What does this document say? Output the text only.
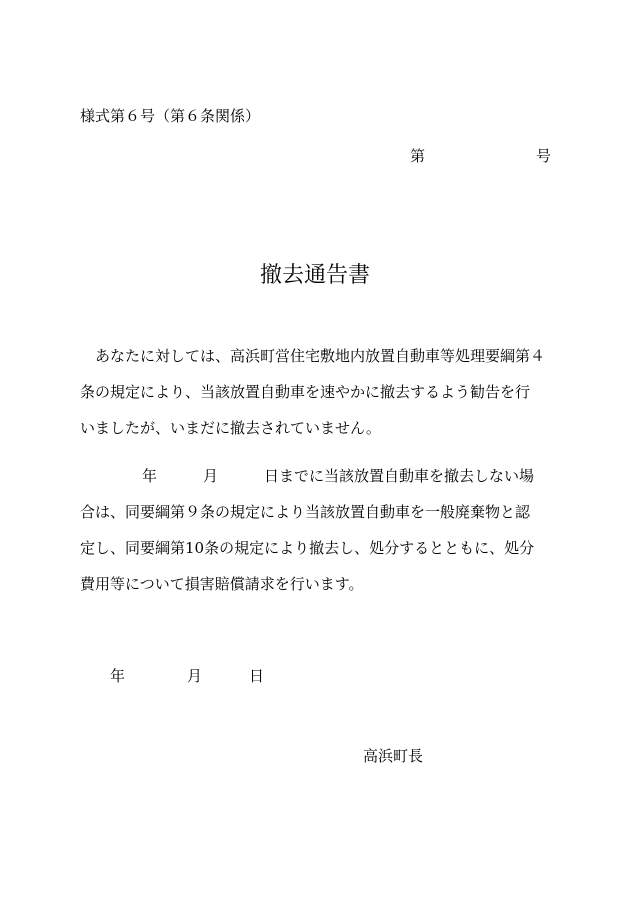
様式第６号（第６条関係）
第	号
撤去通告書
　あなたに対しては、高浜町営住宅敷地内放置自動車等処理要綱第４
条の規定により、当該放置自動車を速やかに撤去するよう勧告を行
いましたが、いまだに撤去されていません。
年	月	日までに当該放置自動車を撤去しない場
合は、同要綱第９条の規定により当該放置自動車を一般廃棄物と認
定し、同要綱第10条の規定により撤去し、処分するとともに、処分
費用等について損害賠償請求を行います。
年	月	日
高浜町長
